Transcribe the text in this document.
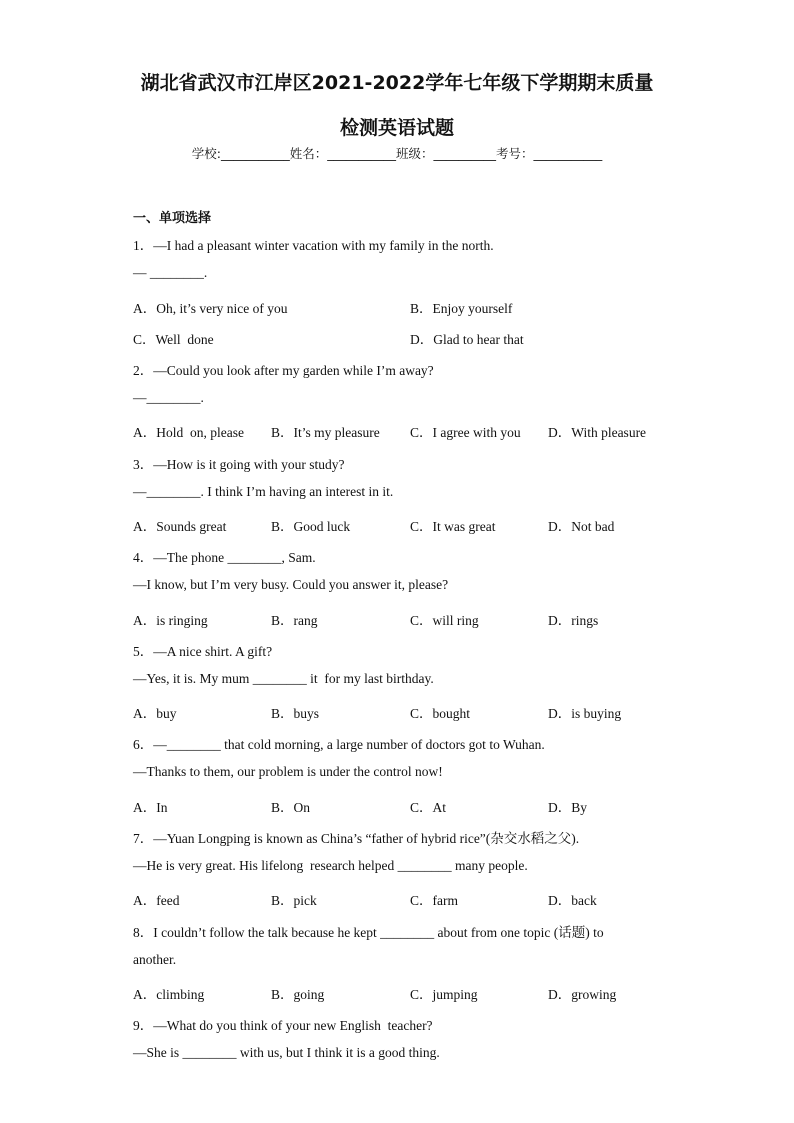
湖北省武汉市江岸区2021-2022学年七年级下学期期末质量
检测英语试题
学校:___________姓名：___________班级：__________考号：___________
一、单项选择
1．—I had a pleasant winter vacation with my family in the north.
— ________.
A．Oh, it’s very nice of you	B．Enjoy yourself
C．Well  done	D．Glad to hear that
2．—Could you look after my garden while I’m away?
—________.
A．Hold  on, please B．It’s my pleasure C．I agree with you D．With pleasure
3．—How is it going with your study?
—________. I think I’m having an interest in it.
A．Sounds great	B．Good luck	C．It was great	D．Not bad
4．—The phone ________, Sam.
—I know, but I’m very busy. Could you answer it, please?
A．is ringing	B．rang	C．will ring	D．rings
5．—A nice shirt. A gift?
—Yes, it is. My mum ________ it  for my last birthday.
A．buy	B．buys	C．bought	D．is buying
6．—________ that cold morning, a large number of doctors got to Wuhan.
—Thanks to them, our problem is under the control now!
A．In	B．On	C．At	D．By
7．—Yuan Longping is known as China’s “father of hybrid rice”(杂交水稻之父).
—He is very great. His lifelong  research helped ________ many people.
A．feed	B．pick	C．farm	D．back
8．I couldn’t follow the talk because he kept ________ about from one topic (话题) to
another.
A．climbing	B．going	C．jumping	D．growing
9．—What do you think of your new English  teacher?
—She is ________ with us, but I think it is a good thing.
